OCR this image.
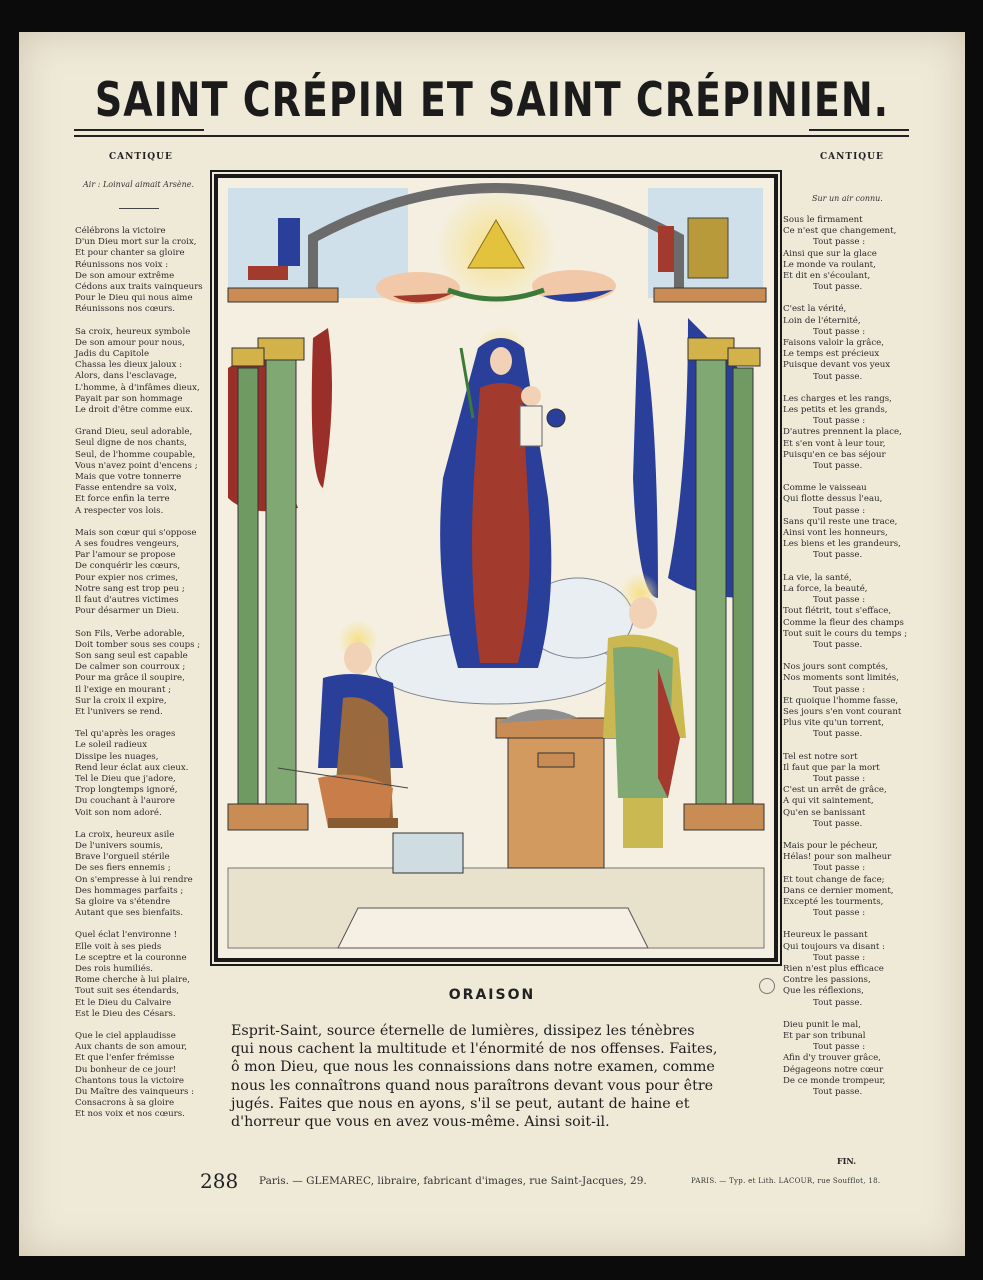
SAINT CRÉPIN ET SAINT CRÉPINIEN.
CANTIQUE
Air : Loinval aimait Arsène.
Célébrons la victoire
D'un Dieu mort sur la croix,
Et pour chanter sa gloire
Réunissons nos voix :
De son amour extrême
Cédons aux traits vainqueurs
Pour le Dieu qui nous aime
Réunissons nos cœurs.
Sa croix, heureux symbole
De son amour pour nous,
Jadis du Capitole
Chassa les dieux jaloux :
Alors, dans l'esclavage,
L'homme, à d'infâmes dieux,
Payait par son hommage
Le droit d'être comme eux.
Grand Dieu, seul adorable,
Seul digne de nos chants,
Seul, de l'homme coupable,
Vous n'avez point d'encens ;
Mais que votre tonnerre
Fasse entendre sa voix,
Et force enfin la terre
A respecter vos lois.
Mais son cœur qui s'oppose
A ses foudres vengeurs,
Par l'amour se propose
De conquérir les cœurs,
Pour expier nos crimes,
Notre sang est trop peu ;
Il faut d'autres victimes
Pour désarmer un Dieu.
Son Fils, Verbe adorable,
Doit tomber sous ses coups ;
Son sang seul est capable
De calmer son courroux ;
Pour ma grâce il soupire,
Il l'exige en mourant ;
Sur la croix il expire,
Et l'univers se rend.
Tel qu'après les orages
Le soleil radieux
Dissipe les nuages,
Rend leur éclat aux cieux.
Tel le Dieu que j'adore,
Trop longtemps ignoré,
Du couchant à l'aurore
Voit son nom adoré.
La croix, heureux asile
De l'univers soumis,
Brave l'orgueil stérile
De ses fiers ennemis ;
On s'empresse à lui rendre
Des hommages parfaits ;
Sa gloire va s'étendre
Autant que ses bienfaits.
Quel éclat l'environne !
Elle voit à ses pieds
Le sceptre et la couronne
Des rois humiliés.
Rome cherche à lui plaire,
Tout suit ses étendards,
Et le Dieu du Calvaire
Est le Dieu des Césars.
Que le ciel applaudisse
Aux chants de son amour,
Et que l'enfer frémisse
Du bonheur de ce jour!
Chantons tous la victoire
Du Maître des vainqueurs :
Consacrons à sa gloire
Et nos voix et nos cœurs.
CANTIQUE
Sur un air connu.
Sous le firmament
Ce n'est que changement,
Tout passe :
Ainsi que sur la glace
Le monde va roulant,
Et dit en s'écoulant,
Tout passe.
C'est la vérité,
Loin de l'éternité,
Tout passe :
Faisons valoir la grâce,
Le temps est précieux
Puisque devant vos yeux
Tout passe.
Les charges et les rangs,
Les petits et les grands,
Tout passe :
D'autres prennent la place,
Et s'en vont à leur tour,
Puisqu'en ce bas séjour
Tout passe.
Comme le vaisseau
Qui flotte dessus l'eau,
Tout passe :
Sans qu'il reste une trace,
Ainsi vont les honneurs,
Les biens et les grandeurs,
Tout passe.
La vie, la santé,
La force, la beauté,
Tout passe :
Tout flétrit, tout s'efface,
Comme la fleur des champs
Tout suit le cours du temps ;
Tout passe.
Nos jours sont comptés,
Nos moments sont limités,
Tout passe :
Et quoique l'homme fasse,
Ses jours s'en vont courant
Plus vite qu'un torrent,
Tout passe.
Tel est notre sort
Il faut que par la mort
Tout passe :
C'est un arrêt de grâce,
A qui vit saintement,
Qu'en se banissant
Tout passe.
Mais pour le pécheur,
Hélas! pour son malheur
Tout passe :
Et tout change de face;
Dans ce dernier moment,
Excepté les tourments,
Tout passe :
Heureux le passant
Qui toujours va disant :
Tout passe :
Rien n'est plus efficace
Contre les passions,
Que les réflexions,
Tout passe.
Dieu punit le mal,
Et par son tribunal
Tout passe :
Afin d'y trouver grâce,
Dégageons notre cœur
De ce monde trompeur,
Tout passe.
FIN.
ORAISON
Esprit-Saint, source éternelle de lumières, dissipez les ténèbres
qui nous cachent la multitude et l'énormité de nos offenses. Faites,
ô mon Dieu, que nous les connaissions dans notre examen, comme
nous les connaîtrons quand nous paraîtrons devant vous pour être
jugés. Faites que nous en ayons, s'il se peut, autant de haine et
d'horreur que vous en avez vous-même. Ainsi soit-il.
288 Paris. — GLEMAREC, libraire, fabricant d'images, rue Saint-Jacques, 29.	PARIS. — Typ. et Lith. LACOUR, rue Soufflot, 18.
